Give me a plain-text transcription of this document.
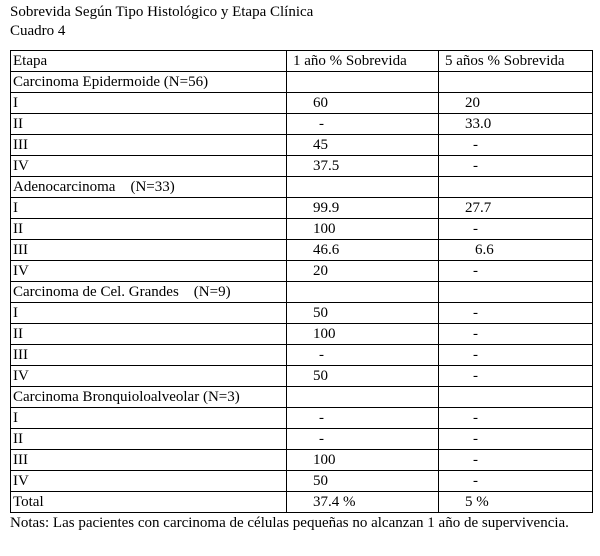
Sobrevida Según Tipo Histológico y Etapa Clínica
Cuadro 4
Etapa	1 año % Sobrevida	5 años % Sobrevida
Carcinoma Epidermoide (N=56)		
I	60	20
II	-	33.0
III	45	-
IV	37.5	-
Adenocarcinoma    (N=33)		
I	99.9	27.7
II	100	-
III	46.6	6.6
IV	20	-
Carcinoma de Cel. Grandes    (N=9)		
I	50	-
II	100	-
III	-	-
IV	50	-
Carcinoma Bronquioloalveolar (N=3)		
I	-	-
II	-	-
III	100	-
IV	50	-
Total	37.4 %	5 %
Notas: Las pacientes con carcinoma de células pequeñas no alcanzan 1 año de supervivencia.
